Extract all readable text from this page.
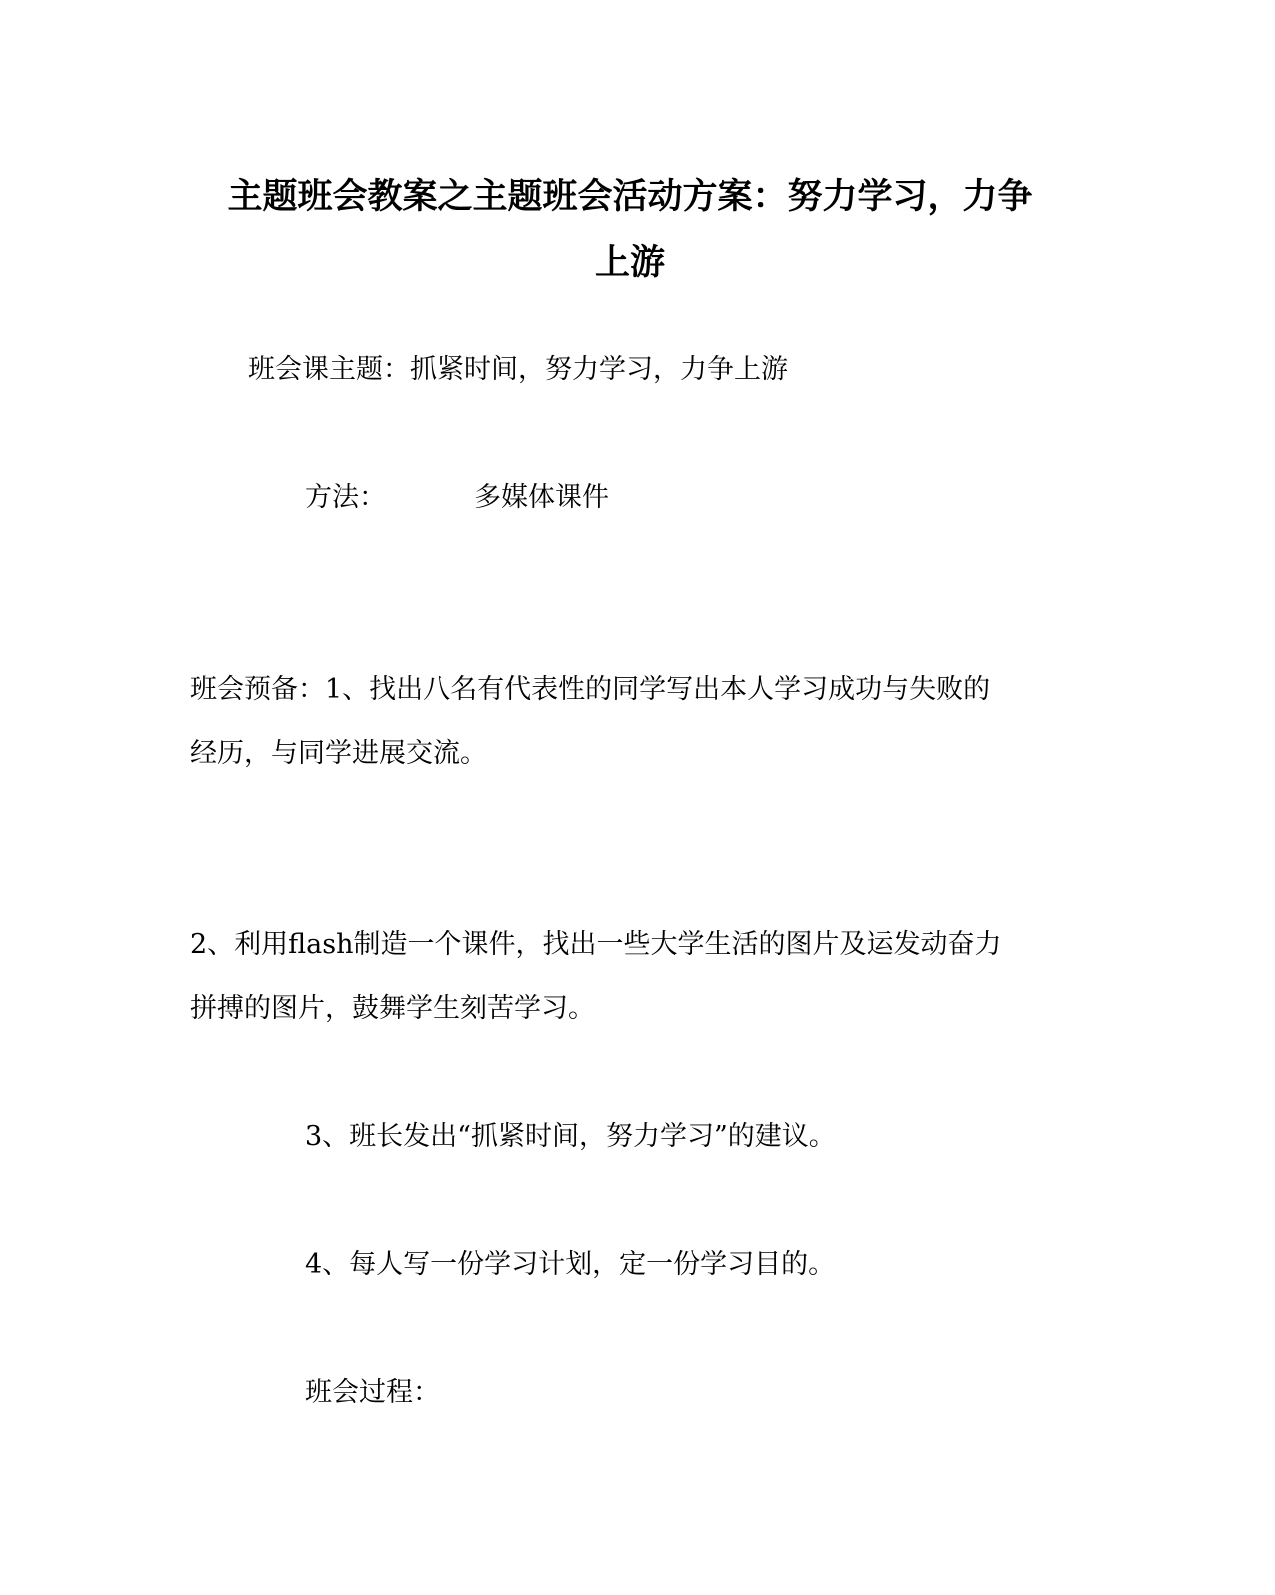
主题班会教案之主题班会活动方案：努力学习，力争
上游
班会课主题：抓紧时间，努力学习，力争上游
方法：	多媒体课件
班会预备：1、找出八名有代表性的同学写出本人学习成功与失败的
经历，与同学进展交流。
2、利用flash制造一个课件，找出一些大学生活的图片及运发动奋力
拼搏的图片，鼓舞学生刻苦学习。
3、班长发出“抓紧时间，努力学习”的建议。
4、每人写一份学习计划，定一份学习目的。
班会过程：
